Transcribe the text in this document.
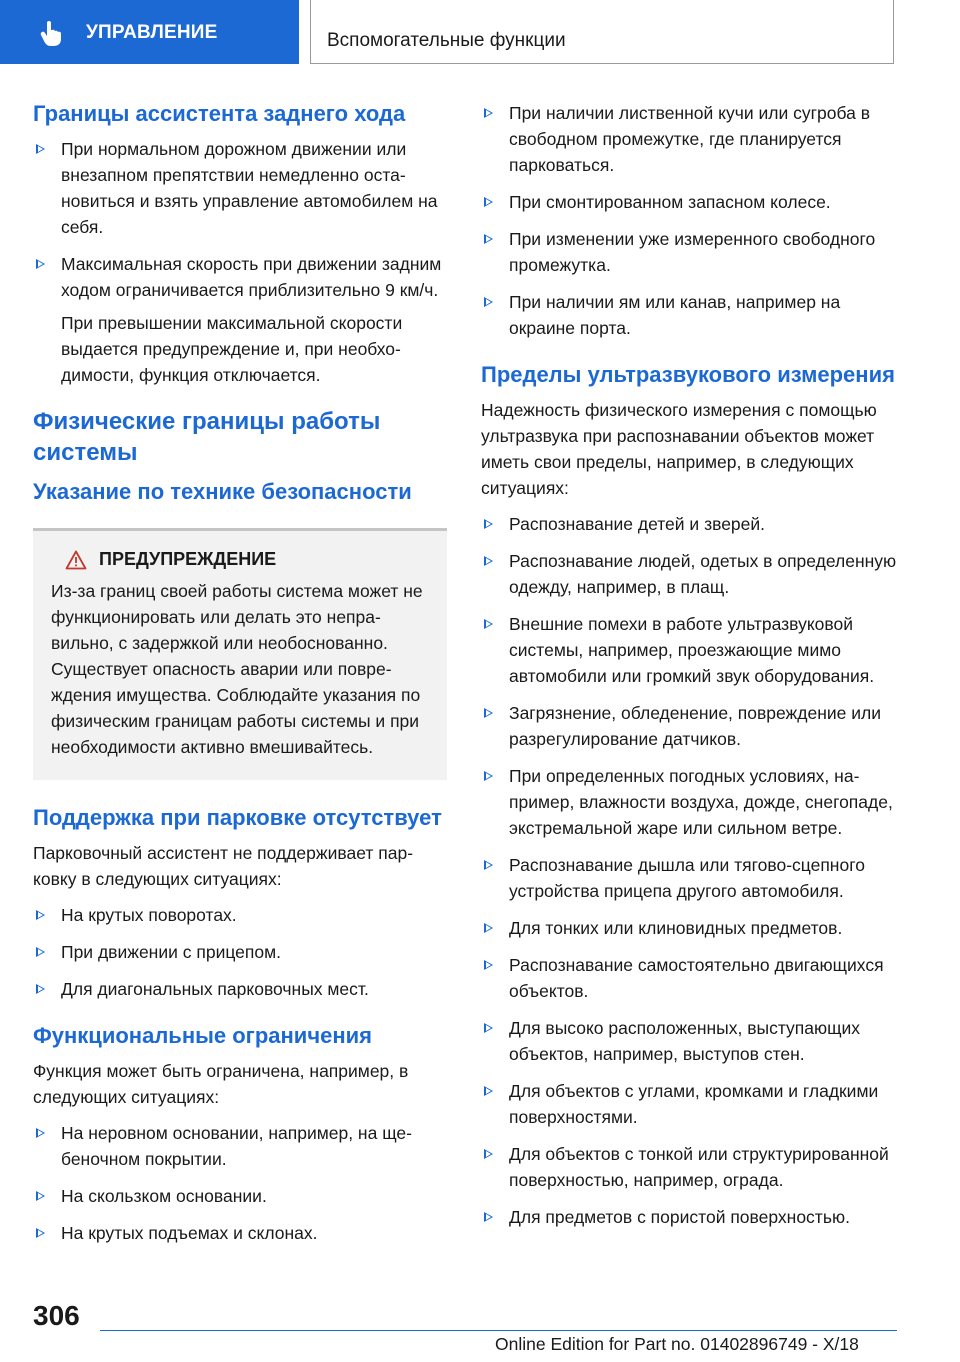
УПРАВЛЕНИЕ	Вспомогательные функции
Границы ассистента заднего хода
При нормальном дорожном движении или внезапном препятствии немедленно остановиться и взять управление автомобилем на себя.
Максимальная скорость при движении задним ходом ограничивается приблизительно 9 км/ч.
При превышении максимальной скорости выдается предупреждение и, при необходимости, функция отключается.
Физические границы работы системы
Указание по технике безопасности
ПРЕДУПРЕЖДЕНИЕ
Из-за границ своей работы система может не функционировать или делать это неправильно, с задержкой или необоснованно. Существует опасность аварии или повреждения имущества. Соблюдайте указания по физическим границам работы системы и при необходимости активно вмешивайтесь.
Поддержка при парковке отсутствует
Парковочный ассистент не поддерживает парковку в следующих ситуациях:
На крутых поворотах.
При движении с прицепом.
Для диагональных парковочных мест.
Функциональные ограничения
Функция может быть ограничена, например, в следующих ситуациях:
На неровном основании, например, на щебеночном покрытии.
На скользком основании.
На крутых подъемах и склонах.
При наличии лиственной кучи или сугроба в свободном промежутке, где планируется парковаться.
При смонтированном запасном колесе.
При изменении уже измеренного свободного промежутка.
При наличии ям или канав, например на окраине порта.
Пределы ультразвукового измерения
Надежность физического измерения с помощью ультразвука при распознавании объектов может иметь свои пределы, например, в следующих ситуациях:
Распознавание детей и зверей.
Распознавание людей, одетых в определенную одежду, например, в плащ.
Внешние помехи в работе ультразвуковой системы, например, проезжающие мимо автомобили или громкий звук оборудования.
Загрязнение, обледенение, повреждение или разрегулирование датчиков.
При определенных погодных условиях, например, влажности воздуха, дожде, снегопаде, экстремальной жаре или сильном ветре.
Распознавание дышла или тягово-сцепного устройства прицепа другого автомобиля.
Для тонких или клиновидных предметов.
Распознавание самостоятельно двигающихся объектов.
Для высоко расположенных, выступающих объектов, например, выступов стен.
Для объектов с углами, кромками и гладкими поверхностями.
Для объектов с тонкой или структурированной поверхностью, например, ограда.
Для предметов с пористой поверхностью.
306
Online Edition for Part no. 01402896749 - X/18
